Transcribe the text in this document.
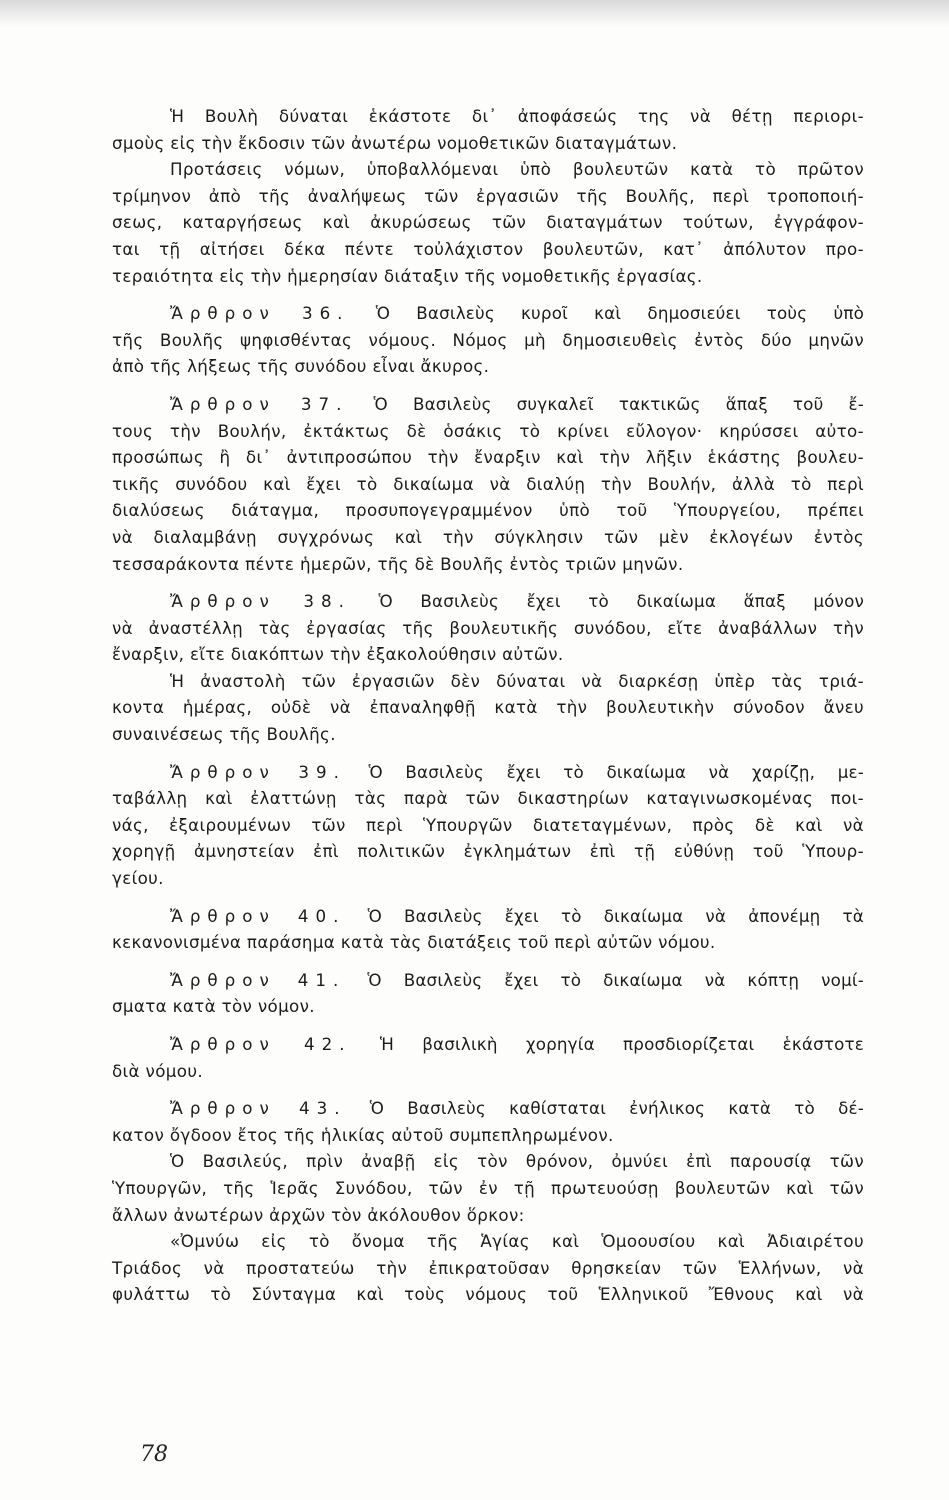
Ἡ Βουλὴ δύναται ἑκάστοτε δι᾽ ἀποφάσεώς της νὰ θέτῃ περιορι-
σμοὺς εἰς τὴν ἔκδοσιν τῶν ἀνωτέρω νομοθετικῶν διαταγμάτων.
Προτάσεις νόμων, ὑποβαλλόμεναι ὑπὸ βουλευτῶν κατὰ τὸ πρῶτον
τρίμηνον ἀπὸ τῆς ἀναλήψεως τῶν ἐργασιῶν τῆς Βουλῆς, περὶ τροποποιή-
σεως, καταργήσεως καὶ ἀκυρώσεως τῶν διαταγμάτων τούτων, ἐγγράφον-
ται τῇ αἰτήσει δέκα πέντε τοὐλάχιστον βουλευτῶν, κατ᾽ ἀπόλυτον προ-
τεραιότητα εἰς τὴν ἡμερησίαν διάταξιν τῆς νομοθετικῆς ἐργασίας.
Ἄρθρον 36. Ὁ Βασιλεὺς κυροῖ καὶ δημοσιεύει τοὺς ὑπὸ
τῆς Βουλῆς ψηφισθέντας νόμους. Νόμος μὴ δημοσιευθεὶς ἐντὸς δύο μηνῶν
ἀπὸ τῆς λήξεως τῆς συνόδου εἶναι ἄκυρος.
Ἄρθρον 37. Ὁ Βασιλεὺς συγκαλεῖ τακτικῶς ἅπαξ τοῦ ἔ-
τους τὴν Βουλήν, ἐκτάκτως δὲ ὁσάκις τὸ κρίνει εὔλογον· κηρύσσει αὐτο-
προσώπως ἢ δι᾽ ἀντιπροσώπου τὴν ἔναρξιν καὶ τὴν λῆξιν ἑκάστης βουλευ-
τικῆς συνόδου καὶ ἔχει τὸ δικαίωμα νὰ διαλύῃ τὴν Βουλήν, ἀλλὰ τὸ περὶ
διαλύσεως διάταγμα, προσυπογεγραμμένον ὑπὸ τοῦ Ὑπουργείου, πρέπει
νὰ διαλαμβάνῃ συγχρόνως καὶ τὴν σύγκλησιν τῶν μὲν ἐκλογέων ἐντὸς
τεσσαράκοντα πέντε ἡμερῶν, τῆς δὲ Βουλῆς ἐντὸς τριῶν μηνῶν.
Ἄρθρον 38. Ὁ Βασιλεὺς ἔχει τὸ δικαίωμα ἅπαξ μόνον
νὰ ἀναστέλλῃ τὰς ἐργασίας τῆς βουλευτικῆς συνόδου, εἴτε ἀναβάλλων τὴν
ἔναρξιν, εἴτε διακόπτων τὴν ἐξακολούθησιν αὐτῶν.
Ἡ ἀναστολὴ τῶν ἐργασιῶν δὲν δύναται νὰ διαρκέσῃ ὑπὲρ τὰς τριά-
κοντα ἡμέρας, οὐδὲ νὰ ἐπαναληφθῇ κατὰ τὴν βουλευτικὴν σύνοδον ἄνευ
συναινέσεως τῆς Βουλῆς.
Ἄρθρον 39. Ὁ Βασιλεὺς ἔχει τὸ δικαίωμα νὰ χαρίζῃ, με-
ταβάλλῃ καὶ ἐλαττώνῃ τὰς παρὰ τῶν δικαστηρίων καταγινωσκομένας ποι-
νάς, ἐξαιρουμένων τῶν περὶ Ὑπουργῶν διατεταγμένων, πρὸς δὲ καὶ νὰ
χορηγῇ ἀμνηστείαν ἐπὶ πολιτικῶν ἐγκλημάτων ἐπὶ τῇ εὐθύνῃ τοῦ Ὑπουρ-
γείου.
Ἄρθρον 40. Ὁ Βασιλεὺς ἔχει τὸ δικαίωμα νὰ ἀπονέμῃ τὰ
κεκανονισμένα παράσημα κατὰ τὰς διατάξεις τοῦ περὶ αὐτῶν νόμου.
Ἄρθρον 41. Ὁ Βασιλεὺς ἔχει τὸ δικαίωμα νὰ κόπτῃ νομί-
σματα κατὰ τὸν νόμον.
Ἄρθρον 42. Ἡ βασιλικὴ χορηγία προσδιορίζεται ἑκάστοτε
διὰ νόμου.
Ἄρθρον 43. Ὁ Βασιλεὺς καθίσταται ἐνήλικος κατὰ τὸ δέ-
κατον ὄγδοον ἔτος τῆς ἡλικίας αὐτοῦ συμπεπληρωμένον.
Ὁ Βασιλεύς, πρὶν ἀναβῇ εἰς τὸν θρόνον, ὀμνύει ἐπὶ παρουσίᾳ τῶν
Ὑπουργῶν, τῆς Ἱερᾶς Συνόδου, τῶν ἐν τῇ πρωτευούσῃ βουλευτῶν καὶ τῶν
ἄλλων ἀνωτέρων ἀρχῶν τὸν ἀκόλουθον ὅρκον:
«Ὀμνύω εἰς τὸ ὄνομα τῆς Ἁγίας καὶ Ὁμοουσίου καὶ Ἀδιαιρέτου
Τριάδος νὰ προστατεύω τὴν ἐπικρατοῦσαν θρησκείαν τῶν Ἑλλήνων, νὰ
φυλάττω τὸ Σύνταγμα καὶ τοὺς νόμους τοῦ Ἑλληνικοῦ Ἔθνους καὶ νὰ
78
